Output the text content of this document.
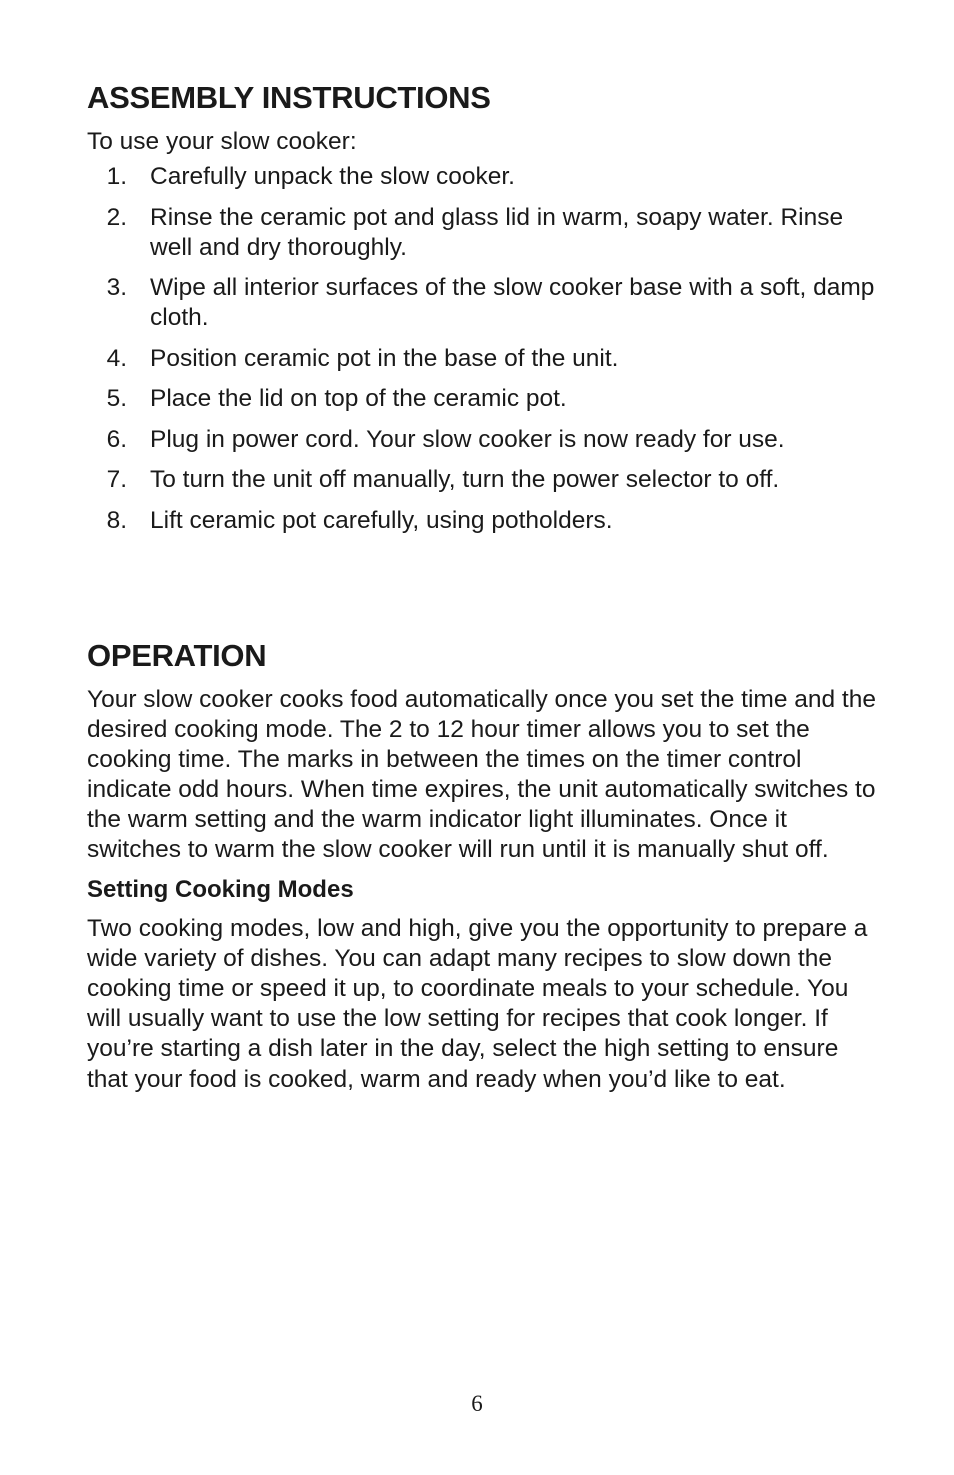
ASSEMBLY INSTRUCTIONS

To use your slow cooker:

1. Carefully unpack the slow cooker.
2. Rinse the ceramic pot and glass lid in warm, soapy water. Rinse well and dry thoroughly.
3. Wipe all interior surfaces of the slow cooker base with a soft, damp cloth.
4. Position ceramic pot in the base of the unit.
5. Place the lid on top of the ceramic pot.
6. Plug in power cord. Your slow cooker is now ready for use.
7. To turn the unit off manually, turn the power selector to off.
8. Lift ceramic pot carefully, using potholders.
OPERATION

Your slow cooker cooks food automatically once you set the time and the desired cooking mode. The 2 to 12 hour timer allows you to set the cooking time. The marks in between the times on the timer control indicate odd hours. When time expires, the unit automatically switches to the warm setting and the warm indicator light illuminates. Once it switches to warm the slow cooker will run until it is manually shut off.

Setting Cooking Modes

Two cooking modes, low and high, give you the opportunity to prepare a wide variety of dishes. You can adapt many recipes to slow down the cooking time or speed it up, to coordinate meals to your schedule. You will usually want to use the low setting for recipes that cook longer. If you’re starting a dish later in the day, select the high setting to ensure that your food is cooked, warm and ready when you’d like to eat.

6
